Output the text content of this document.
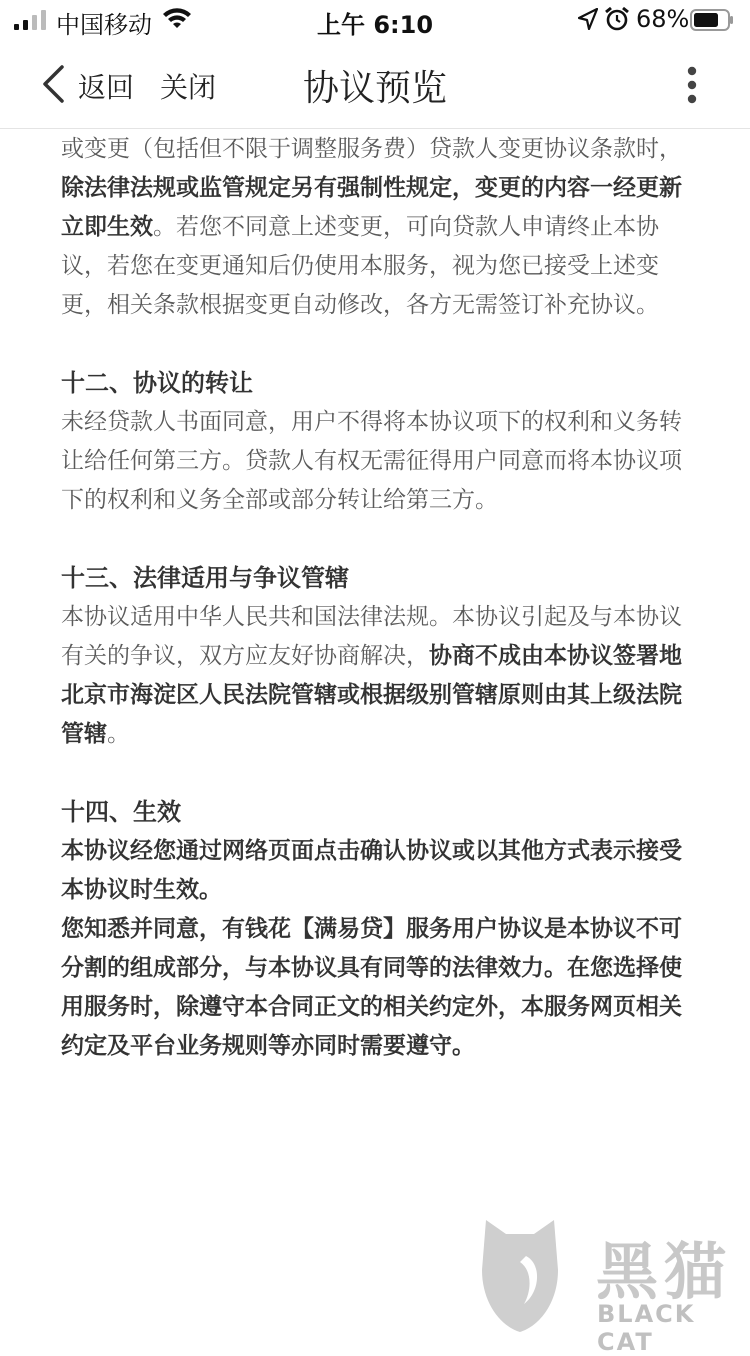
中国移动	上午 6:10	68%
返回 关闭	协议预览

或变更（包括但不限于调整服务费）贷款人变更协议条款时，除法律法规或监管规定另有强制性规定，变更的内容一经更新立即生效。若您不同意上述变更，可向贷款人申请终止本协议，若您在变更通知后仍使用本服务，视为您已接受上述变更，相关条款根据变更自动修改，各方无需签订补充协议。

十二、协议的转让

未经贷款人书面同意，用户不得将本协议项下的权利和义务转让给任何第三方。贷款人有权无需征得用户同意而将本协议项下的权利和义务全部或部分转让给第三方。

十三、法律适用与争议管辖

本协议适用中华人民共和国法律法规。本协议引起及与本协议有关的争议，双方应友好协商解决，协商不成由本协议签署地北京市海淀区人民法院管辖或根据级别管辖原则由其上级法院管辖。

十四、生效

本协议经您通过网络页面点击确认协议或以其他方式表示接受本协议时生效。

您知悉并同意，有钱花【满易贷】服务用户协议是本协议不可分割的组成部分，与本协议具有同等的法律效力。在您选择使用服务时，除遵守本合同正文的相关约定外，本服务网页相关约定及平台业务规则等亦同时需要遵守。

黑猫
BLACK CAT
